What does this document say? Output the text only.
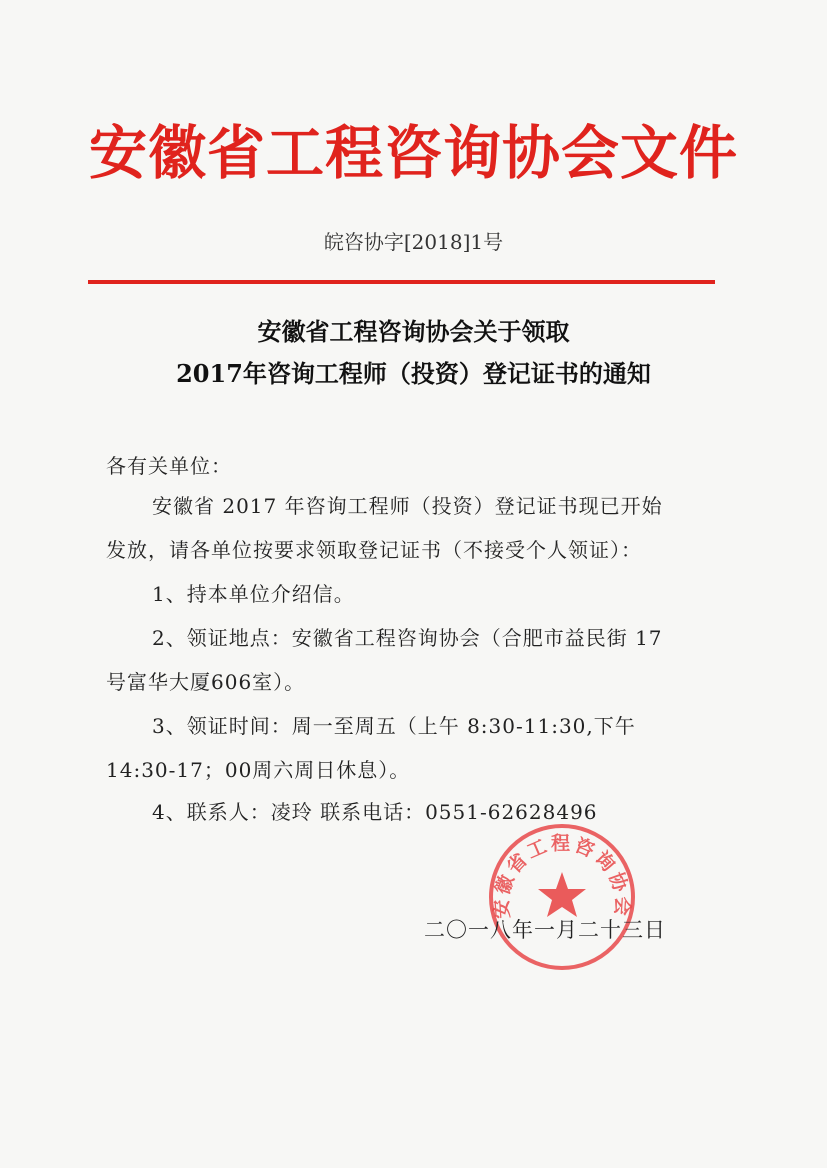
安徽省工程咨询协会文件
皖咨协字[2018]1号
安徽省工程咨询协会关于领取
2017年咨询工程师（投资）登记证书的通知
各有关单位：
安徽省 2017 年咨询工程师（投资）登记证书现已开始
发放，请各单位按要求领取登记证书（不接受个人领证）：
1、持本单位介绍信。
2、领证地点：安徽省工程咨询协会（合肥市益民街 17
号富华大厦606室）。
3、领证时间：周一至周五（上午 8:30-11:30,下午
14:30-17；00周六周日休息）。
4、联系人：凌玲 联系电话：0551-62628496
安徽省工程咨询协会
二〇一八年一月二十三日
